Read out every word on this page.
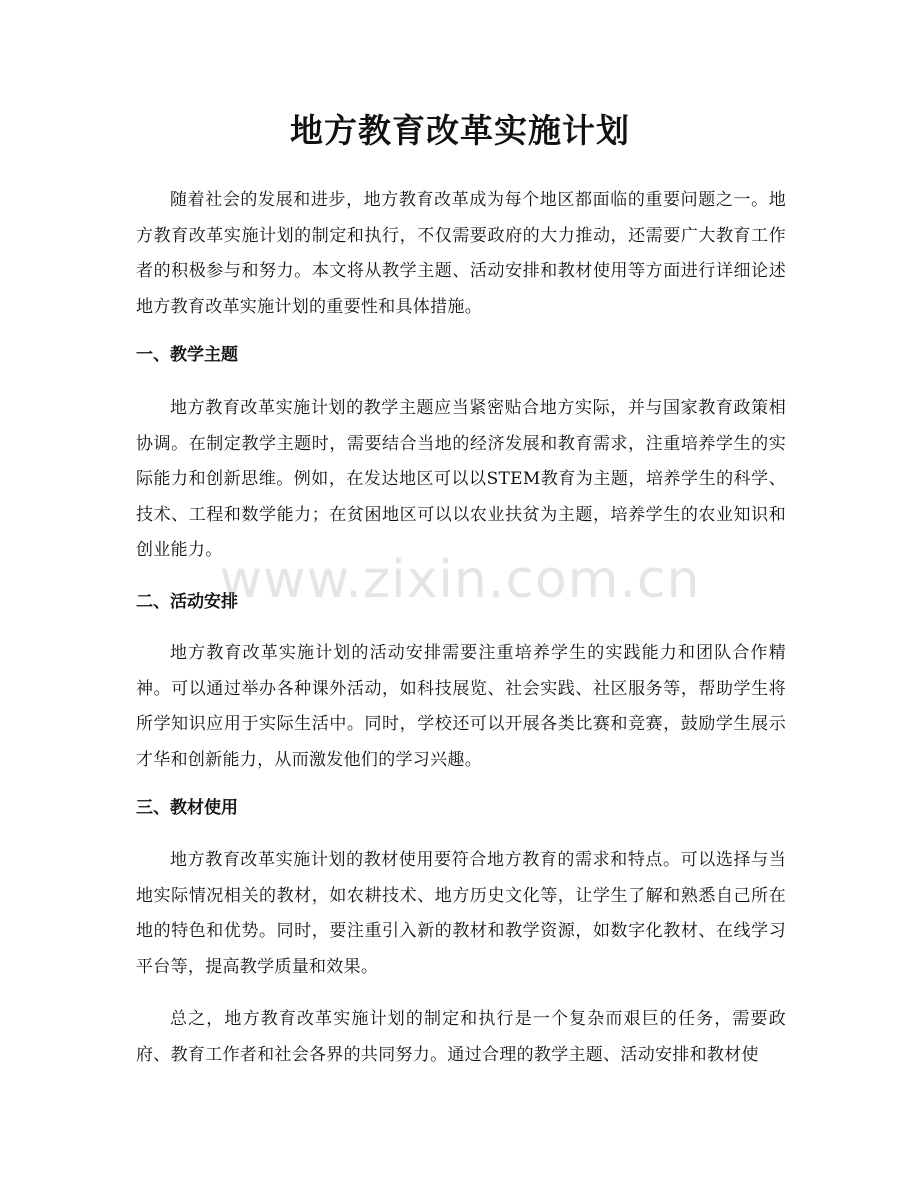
地方教育改革实施计划

随着社会的发展和进步，地方教育改革成为每个地区都面临的重要问题之一。地方教育改革实施计划的制定和执行，不仅需要政府的大力推动，还需要广大教育工作者的积极参与和努力。本文将从教学主题、活动安排和教材使用等方面进行详细论述地方教育改革实施计划的重要性和具体措施。

一、教学主题

地方教育改革实施计划的教学主题应当紧密贴合地方实际，并与国家教育政策相协调。在制定教学主题时，需要结合当地的经济发展和教育需求，注重培养学生的实际能力和创新思维。例如，在发达地区可以以STEM教育为主题，培养学生的科学、技术、工程和数学能力；在贫困地区可以以农业扶贫为主题，培养学生的农业知识和创业能力。

二、活动安排

地方教育改革实施计划的活动安排需要注重培养学生的实践能力和团队合作精神。可以通过举办各种课外活动，如科技展览、社会实践、社区服务等，帮助学生将所学知识应用于实际生活中。同时，学校还可以开展各类比赛和竞赛，鼓励学生展示才华和创新能力，从而激发他们的学习兴趣。

三、教材使用

地方教育改革实施计划的教材使用要符合地方教育的需求和特点。可以选择与当地实际情况相关的教材，如农耕技术、地方历史文化等，让学生了解和熟悉自己所在地的特色和优势。同时，要注重引入新的教材和教学资源，如数字化教材、在线学习平台等，提高教学质量和效果。

总之，地方教育改革实施计划的制定和执行是一个复杂而艰巨的任务，需要政府、教育工作者和社会各界的共同努力。通过合理的教学主题、活动安排和教材使

www.zixin.com.cn
